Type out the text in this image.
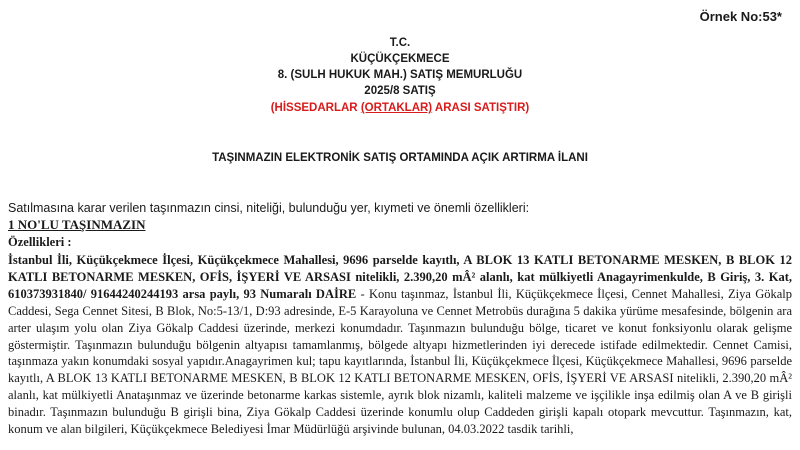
Örnek No:53*
T.C.
KÜÇÜKÇEKMECE
8. (SULH HUKUK MAH.) SATIŞ MEMURLUĞU
2025/8 SATIŞ
(HİSSEDARLAR (ORTAKLAR) ARASI SATIŞTIR)
TAŞINMAZIN ELEKTRONİK SATIŞ ORTAMINDA AÇIK ARTIRMA İLANI
Satılmasına karar verilen taşınmazın cinsi, niteliği, bulunduğu yer, kıymeti ve önemli özellikleri:
1 NO'LU TAŞINMAZIN
Özellikleri :
İstanbul İli, Küçükçekmece İlçesi, Küçükçekmece Mahallesi, 9696 parselde kayıtlı, A BLOK 13 KATLI BETONARME MESKEN, B BLOK 12 KATLI BETONARME MESKEN, OFİS, İŞYERİ VE ARSASI nitelikli, 2.390,20 mÂ² alanlı, kat mülkiyetli Anagayrimenkulde, B Giriş, 3. Kat, 610373931840/ 91644240244193 arsa paylı, 93 Numaralı DAİRE - Konu taşınmaz, İstanbul İli, Küçükçekmece İlçesi, Cennet Mahallesi, Ziya Gökalp Caddesi, Sega Cennet Sitesi, B Blok, No:5-13/1, D:93 adresinde, E-5 Karayoluna ve Cennet Metrobüs durağına 5 dakika yürüme mesafesinde, bölgenin ara arter ulaşım yolu olan Ziya Gökalp Caddesi üzerinde, merkezi konumdadır. Taşınmazın bulunduğu bölge, ticaret ve konut fonksiyonlu olarak gelişme göstermiştir. Taşınmazın bulunduğu bölgenin altyapısı tamamlanmış, bölgede altyapı hizmetlerinden iyi derecede istifade edilmektedir. Cennet Camisi, taşınmaza yakın konumdaki sosyal yapıdır.Anagayrimen kul; tapu kayıtlarında, İstanbul İli, Küçükçekmece İlçesi, Küçükçekmece Mahallesi, 9696 parselde kayıtlı, A BLOK 13 KATLI BETONARME MESKEN, B BLOK 12 KATLI BETONARME MESKEN, OFİS, İŞYERİ VE ARSASI nitelikli, 2.390,20 mÂ² alanlı, kat mülkiyetli Anataşınmaz ve üzerinde betonarme karkas sistemle, ayrık blok nizamlı, kaliteli malzeme ve işçilikle inşa edilmiş olan A ve B girişli binadır. Taşınmazın bulunduğu B girişli bina, Ziya Gökalp Caddesi üzerinde konumlu olup Caddeden girişli kapalı otopark mevcuttur. Taşınmazın, kat, konum ve alan bilgileri, Küçükçekmece Belediyesi İmar Müdürlüğü arşivinde bulunan, 04.03.2022 tasdik tarihli,
